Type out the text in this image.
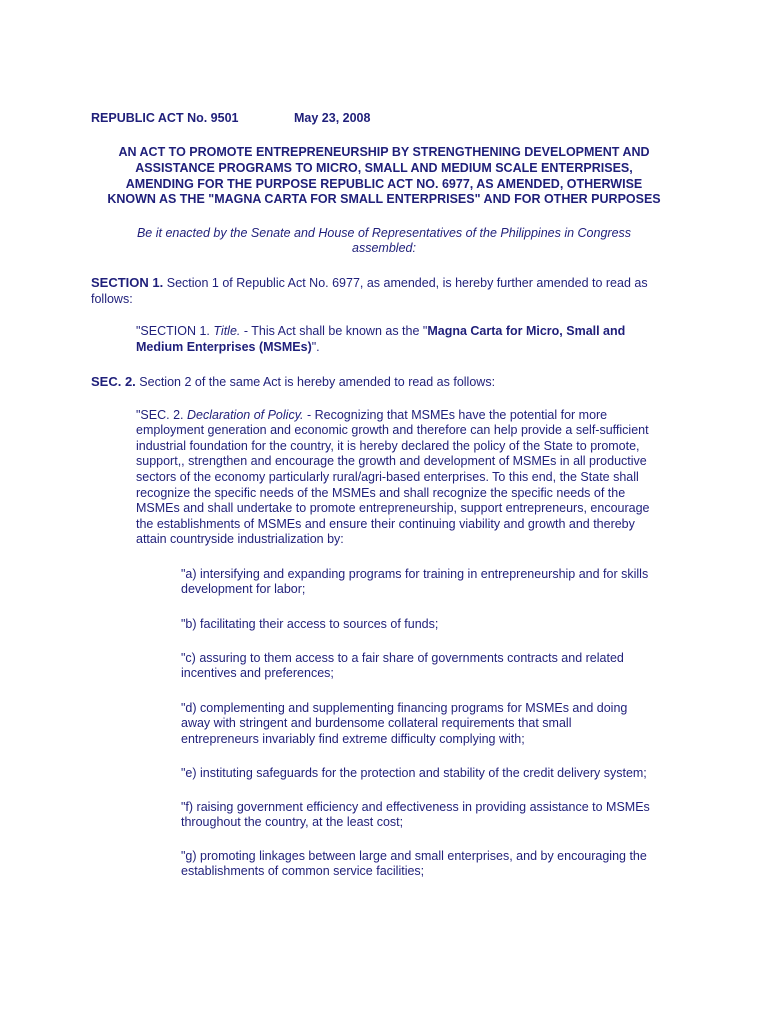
REPUBLIC ACT No. 9501	May 23, 2008
AN ACT TO PROMOTE ENTREPRENEURSHIP BY STRENGTHENING DEVELOPMENT AND
ASSISTANCE PROGRAMS TO MICRO, SMALL AND MEDIUM SCALE ENTERPRISES,
AMENDING FOR THE PURPOSE REPUBLIC ACT NO. 6977, AS AMENDED, OTHERWISE
KNOWN AS THE "MAGNA CARTA FOR SMALL ENTERPRISES" AND FOR OTHER PURPOSES
Be it enacted by the Senate and House of Representatives of the Philippines in Congress
assembled:
SECTION 1. Section 1 of Republic Act No. 6977, as amended, is hereby further amended to read as
follows:
"SECTION 1. Title. - This Act shall be known as the "Magna Carta for Micro, Small and
Medium Enterprises (MSMEs)".
SEC. 2. Section 2 of the same Act is hereby amended to read as follows:
"SEC. 2. Declaration of Policy. - Recognizing that MSMEs have the potential for more
employment generation and economic growth and therefore can help provide a self-sufficient
industrial foundation for the country, it is hereby declared the policy of the State to promote,
support,, strengthen and encourage the growth and development of MSMEs in all productive
sectors of the economy particularly rural/agri-based enterprises. To this end, the State shall
recognize the specific needs of the MSMEs and shall recognize the specific needs of the
MSMEs and shall undertake to promote entrepreneurship, support entrepreneurs, encourage
the establishments of MSMEs and ensure their continuing viability and growth and thereby
attain countryside industrialization by:
"a) intersifying and expanding programs for training in entrepreneurship and for skills
development for labor;
"b) facilitating their access to sources of funds;
"c) assuring to them access to a fair share of governments contracts and related
incentives and preferences;
"d) complementing and supplementing financing programs for MSMEs and doing
away with stringent and burdensome collateral requirements that small
entrepreneurs invariably find extreme difficulty complying with;
"e) instituting safeguards for the protection and stability of the credit delivery system;
"f) raising government efficiency and effectiveness in providing assistance to MSMEs
throughout the country, at the least cost;
"g) promoting linkages between large and small enterprises, and by encouraging the
establishments of common service facilities;
